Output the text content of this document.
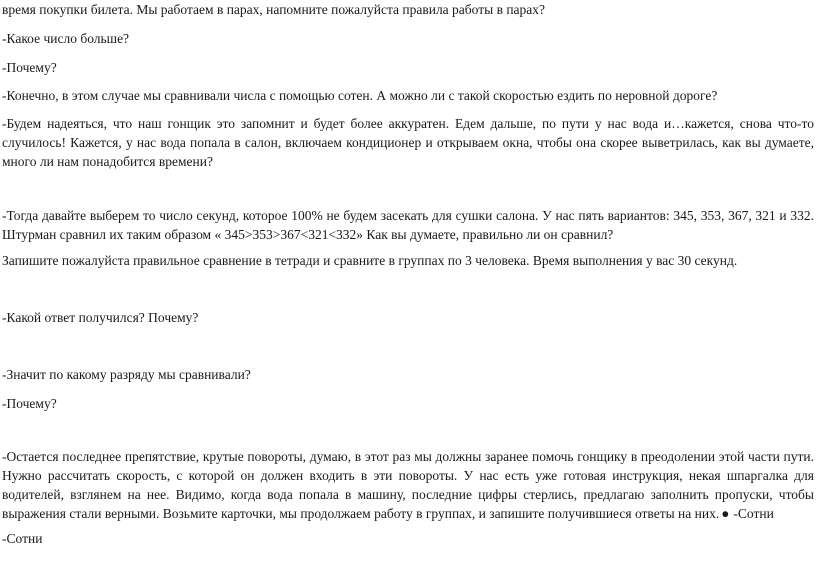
время покупки билета. Мы работаем в парах, напомните пожалуйста правила работы в парах?

-Какое число больше?

-Почему?

-Конечно, в этом случае мы сравнивали числа с помощью сотен. А можно ли с такой скоростью ездить по неровной дороге?

-Будем надеяться, что наш гонщик это запомнит и будет более аккуратен. Едем дальше, по пути у нас вода и…кажется, снова что-то случилось! Кажется, у нас вода попала в салон, включаем кондиционер и открываем окна, чтобы она скорее выветрилась, как вы думаете, много ли нам понадобится времени?

-Тогда давайте выберем то число секунд, которое 100% не будем засекать для сушки салона. У нас пять вариантов: 345, 353, 367, 321 и 332. Штурман сравнил их таким образом « 345>353>367<321<332» Как вы думаете, правильно ли он сравнил?

Запишите пожалуйста правильное сравнение в тетради и сравните в группах по 3 человека. Время выполнения у вас 30 секунд.

-Какой ответ получился? Почему?

-Значит по какому разряду мы сравнивали?

-Почему?

-Остается последнее препятствие, крутые повороты, думаю, в этот раз мы должны заранее помочь гонщику в преодолении этой части пути. Нужно рассчитать скорость, с которой он должен входить в эти повороты. У нас есть уже готовая инструкция, некая шпаргалка для водителей, взглянем на нее. Видимо, когда вода попала в машину, последние цифры стерлись, предлагаю заполнить пропуски, чтобы выражения стали верными. Возьмите карточки, мы продолжаем работу в группах, и запишите получившиеся ответы на них. ● -Сотни

-Сотни
